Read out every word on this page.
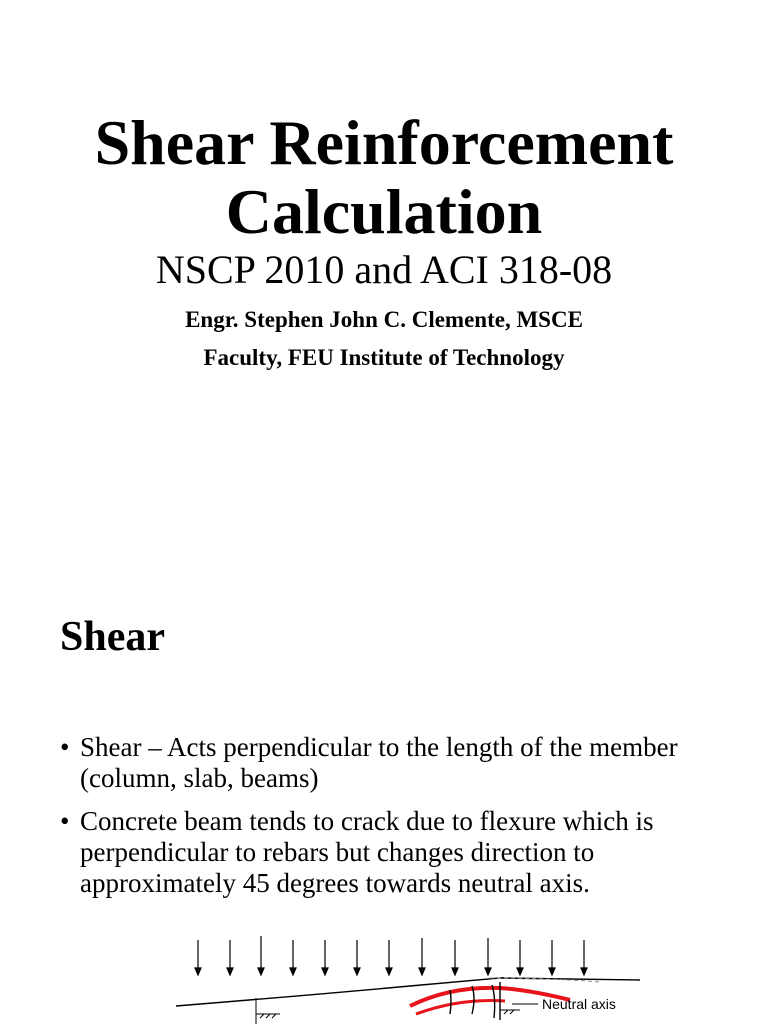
Shear Reinforcement
Calculation

NSCP 2010 and ACI 318-08

Engr. Stephen John C. Clemente, MSCE

Faculty, FEU Institute of Technology

Shear
• Shear – Acts perpendicular to the length of the member (column, slab, beams)
• Concrete beam tends to crack due to flexure which is perpendicular to rebars but changes direction to approximately 45 degrees towards neutral axis.
Neutral axis
